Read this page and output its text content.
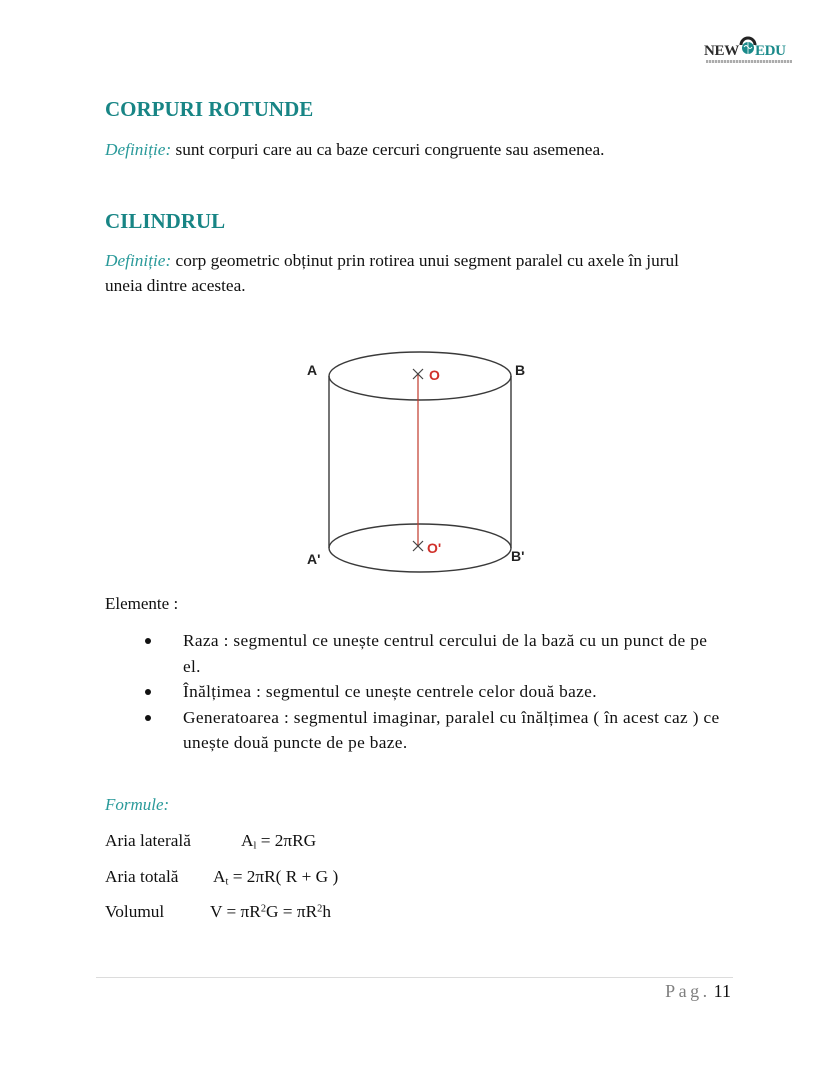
NEW EDU
CORPURI ROTUNDE

Definiție: sunt corpuri care au ca baze cercuri congruente sau asemenea.

CILINDRUL

Definiție: corp geometric obținut prin rotirea unui segment paralel cu axele în jurul uneia dintre acestea.

A	B
O
A'	B'
O'

Elemente :

Raza : segmentul ce unește centrul cercului de la bază cu un punct de pe el.
Înălțimea : segmentul ce unește centrele celor două baze.
Generatoarea : segmentul imaginar, paralel cu înălțimea ( în acest caz ) ce unește două puncte de pe baze.

Formule:

Aria laterală	$A_l = 2\pi RG$
Aria totală $A_t = 2\pi R$( R + G )
Volumul	$V = \pi R^2G = \pi R^2h$
Pag. 11
